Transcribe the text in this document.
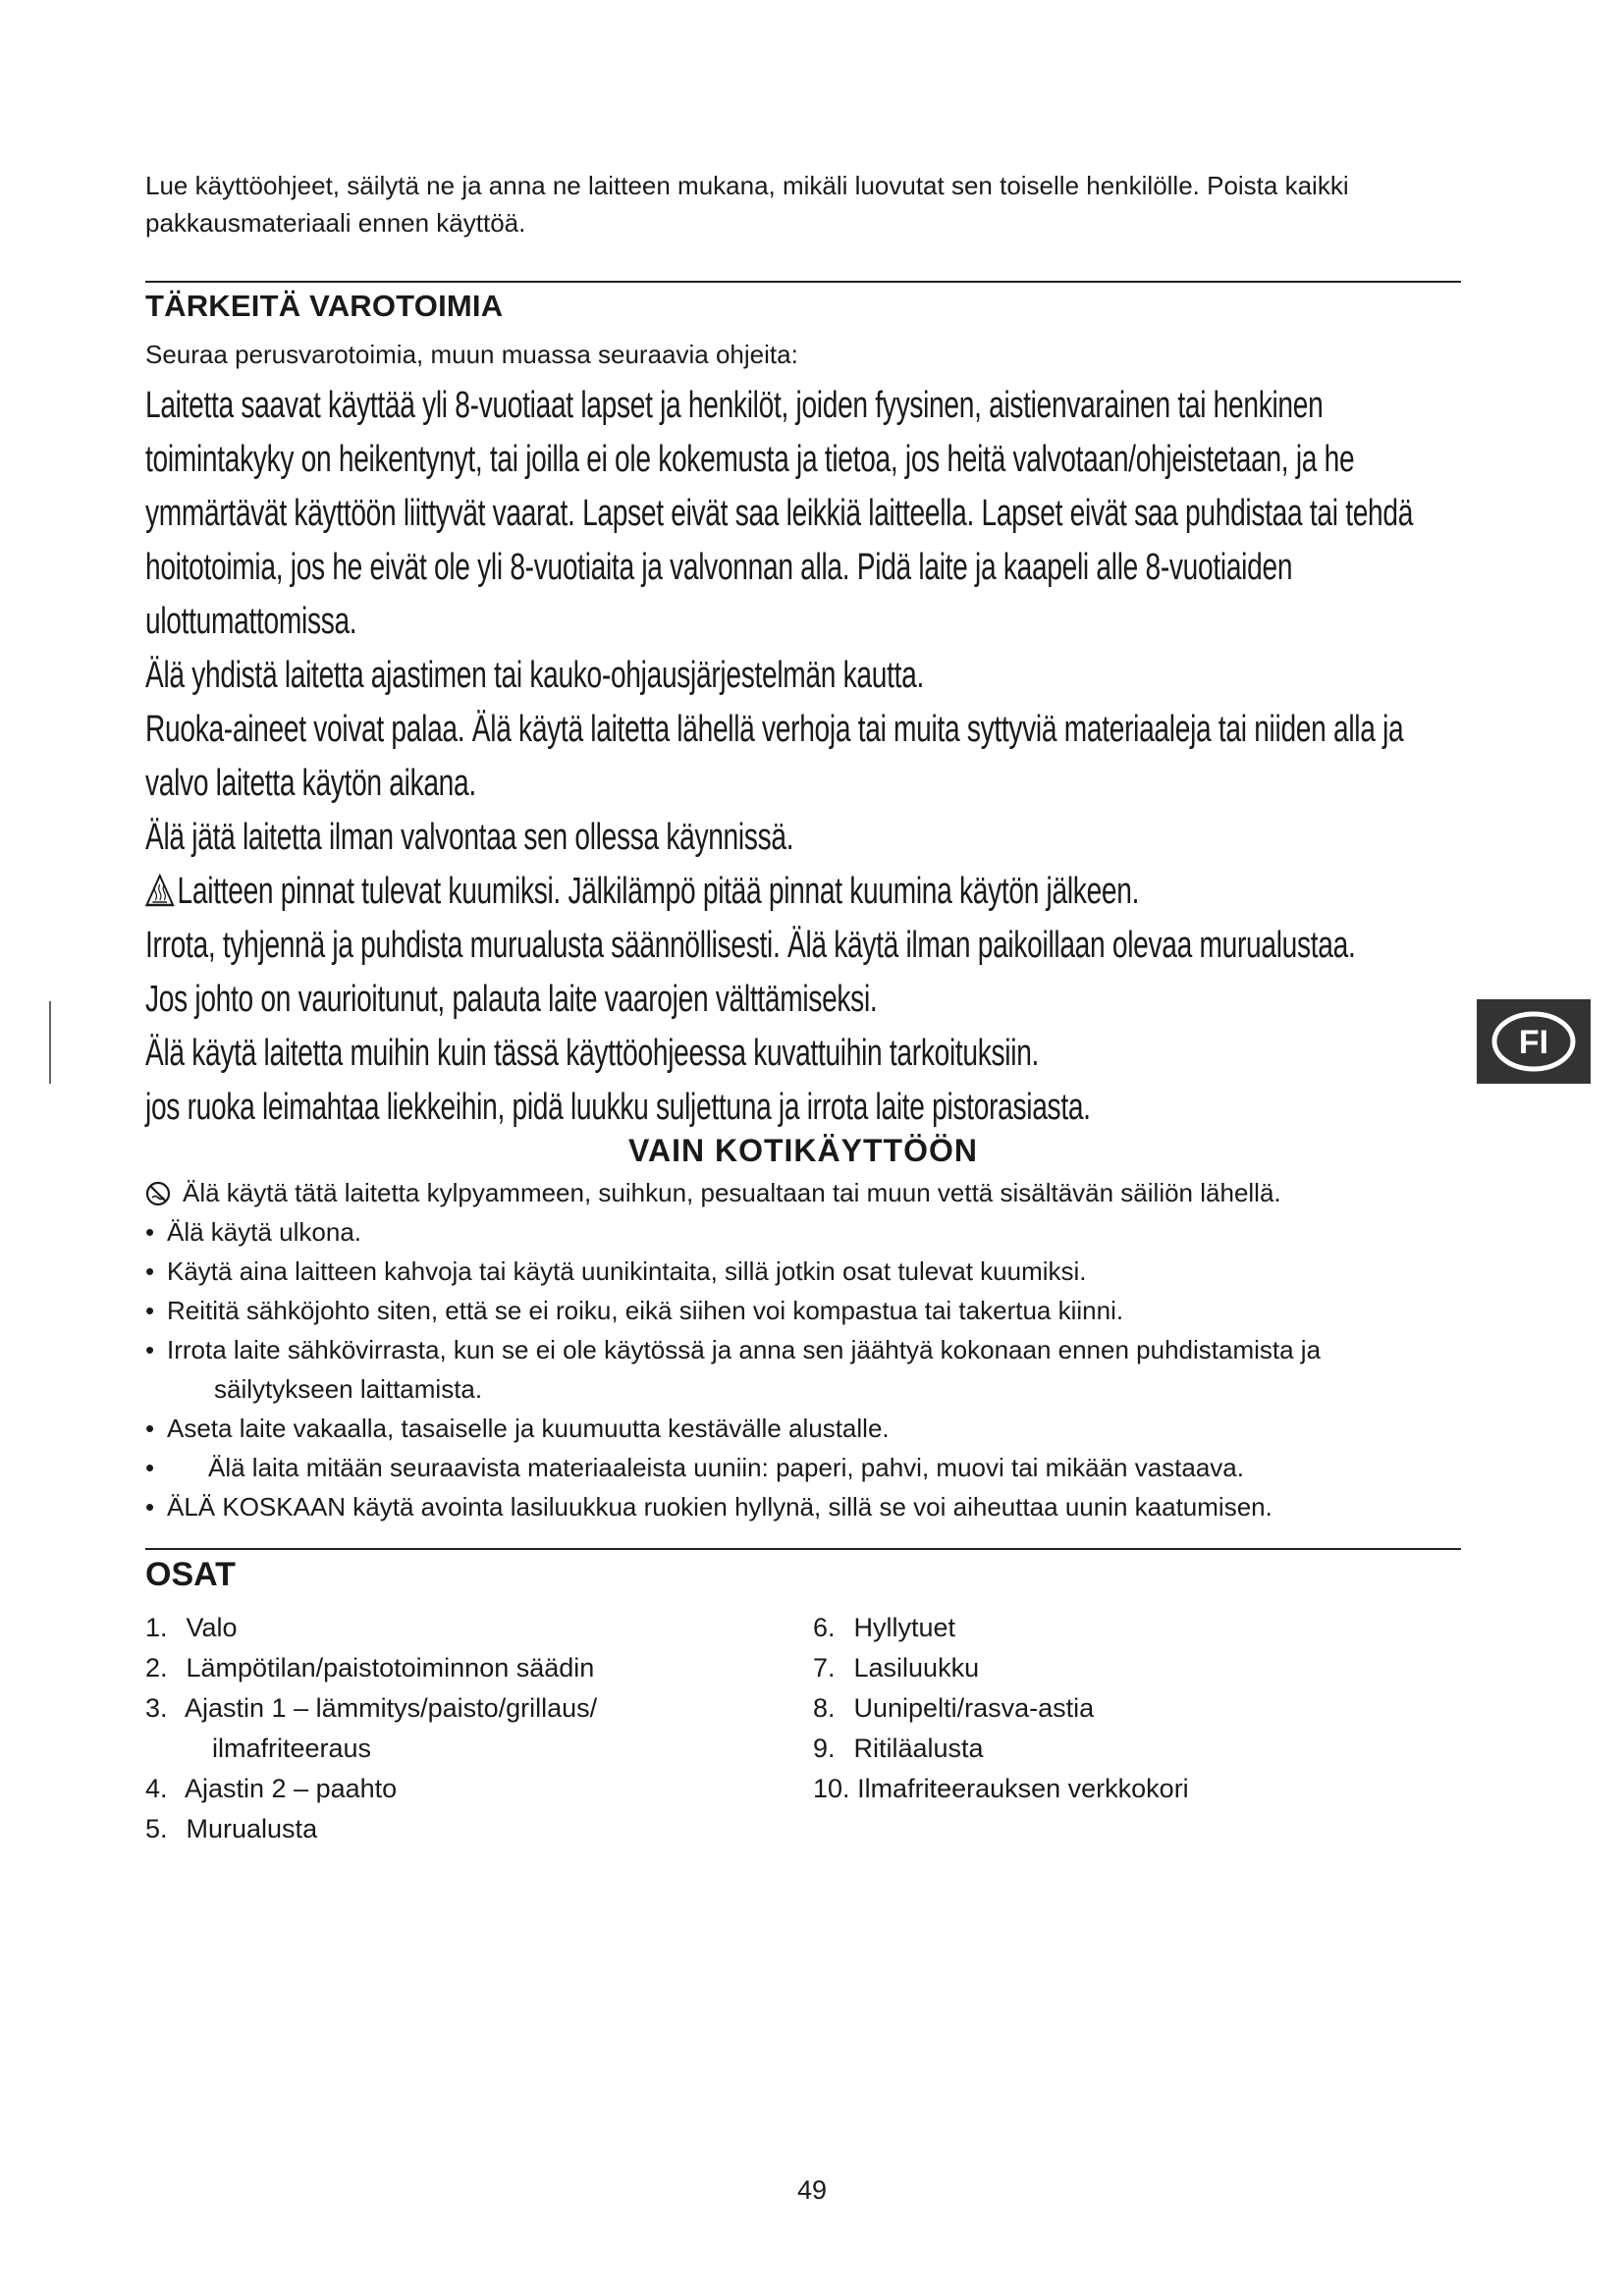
Lue käyttöohjeet, säilytä ne ja anna ne laitteen mukana, mikäli luovutat sen toiselle henkilölle. Poista kaikki pakkausmateriaali ennen käyttöä.

TÄRKEITÄ VAROTOIMIA

Seuraa perusvarotoimia, muun muassa seuraavia ohjeita:

Laitetta saavat käyttää yli 8-vuotiaat lapset ja henkilöt, joiden fyysinen, aistienvarainen tai henkinen toimintakyky on heikentynyt, tai joilla ei ole kokemusta ja tietoa, jos heitä valvotaan/ohjeistetaan, ja he ymmärtävät käyttöön liittyvät vaarat. Lapset eivät saa leikkiä laitteella. Lapset eivät saa puhdistaa tai tehdä hoitotoimia, jos he eivät ole yli 8-vuotiaita ja valvonnan alla. Pidä laite ja kaapeli alle 8-vuotiaiden ulottumattomissa.

Älä yhdistä laitetta ajastimen tai kauko-ohjausjärjestelmän kautta.

Ruoka-aineet voivat palaa. Älä käytä laitetta lähellä verhoja tai muita syttyviä materiaaleja tai niiden alla ja valvo laitetta käytön aikana.

Älä jätä laitetta ilman valvontaa sen ollessa käynnissä.

Laitteen pinnat tulevat kuumiksi. Jälkilämpö pitää pinnat kuumina käytön jälkeen.

Irrota, tyhjennä ja puhdista murualusta säännöllisesti. Älä käytä ilman paikoillaan olevaa murualustaa.

Jos johto on vaurioitunut, palauta laite vaarojen välttämiseksi.

Älä käytä laitetta muihin kuin tässä käyttöohjeessa kuvattuihin tarkoituksiin.

jos ruoka leimahtaa liekkeihin, pidä luukku suljettuna ja irrota laite pistorasiasta.

VAIN KOTIKÄYTTÖÖN
Älä käytä tätä laitetta kylpyammeen, suihkun, pesualtaan tai muun vettä sisältävän säiliön lähellä.
• Älä käytä ulkona.
• Käytä aina laitteen kahvoja tai käytä uunikintaita, sillä jotkin osat tulevat kuumiksi.
• Reititä sähköjohto siten, että se ei roiku, eikä siihen voi kompastua tai takertua kiinni.
• Irrota laite sähkövirrasta, kun se ei ole käytössä ja anna sen jäähtyä kokonaan ennen puhdistamista ja
säilytykseen laittamista.
• Aseta laite vakaalla, tasaiselle ja kuumuutta kestävälle alustalle.
• Älä laita mitään seuraavista materiaaleista uuniin: paperi, pahvi, muovi tai mikään vastaava.
• ÄLÄ KOSKAAN käytä avointa lasiluukkua ruokien hyllynä, sillä se voi aiheuttaa uunin kaatumisen.
OSAT
1. Valo
2. Lämpötilan/paistotoiminnon säädin
3. Ajastin 1 – lämmitys/paisto/grillaus/
ilmafriteeraus
4. Ajastin 2 – paahto
5. Murualusta
6. Hyllytuet
7. Lasiluukku
8. Uunipelti/rasva-astia
9. Ritiläalusta
10. Ilmafriteerauksen verkkokori
FI
49
